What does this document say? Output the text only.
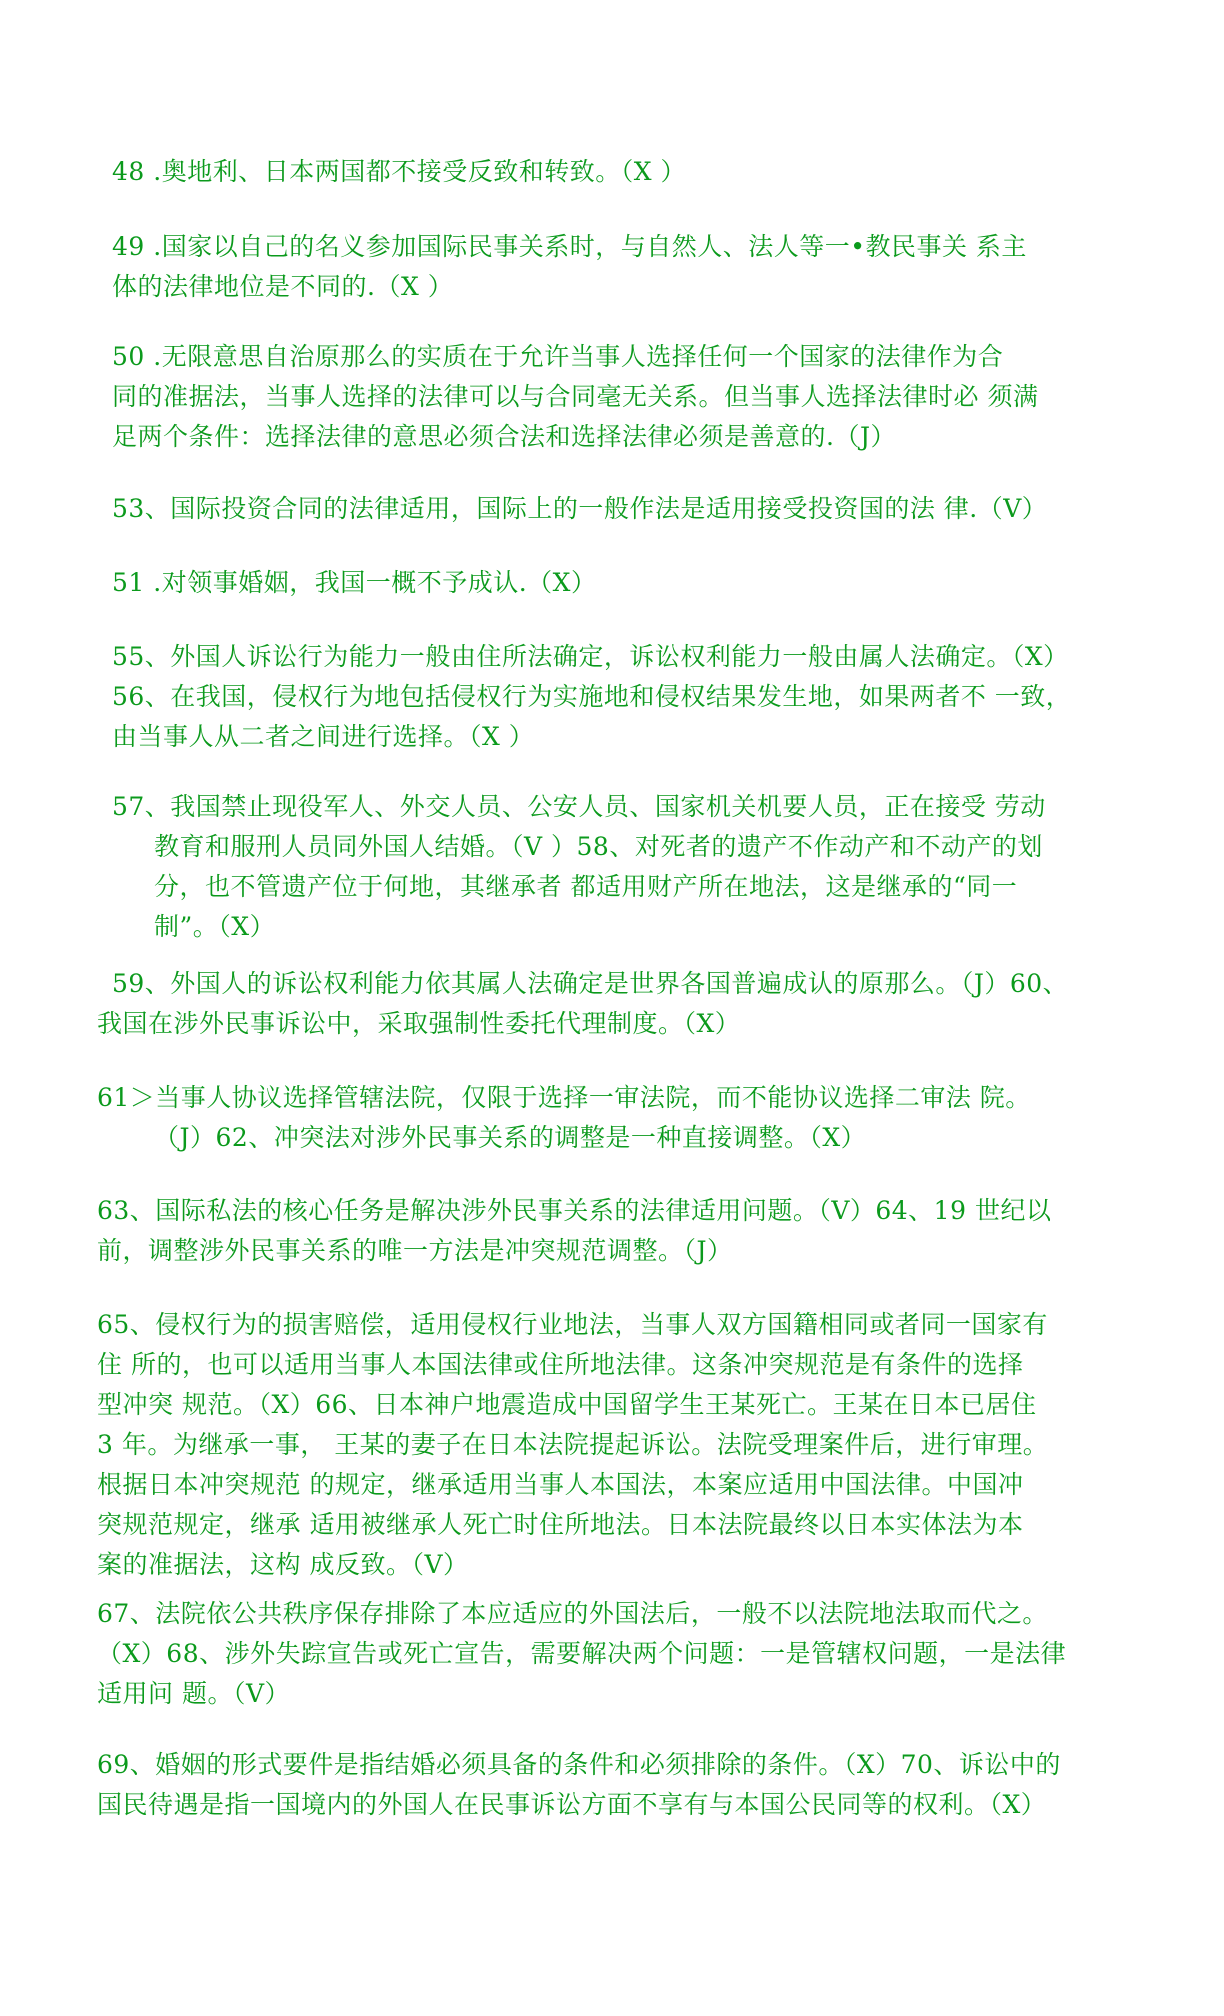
48 .奥地利、日本两国都不接受反致和转致。（X ）

49 .国家以自己的名义参加国际民事关系时，与自然人、法人等一•教民事关 系主
体的法律地位是不同的.（X ）

50 .无限意思自治原那么的实质在于允许当事人选择任何一个国家的法律作为合
同的准据法，当事人选择的法律可以与合同毫无关系。但当事人选择法律时必 须满
足两个条件：选择法律的意思必须合法和选择法律必须是善意的.（J）

53、国际投资合同的法律适用，国际上的一般作法是适用接受投资国的法 律.（V）

51 .对领事婚姻，我国一概不予成认.（X）

55、外国人诉讼行为能力一般由住所法确定，诉讼权利能力一般由属人法确定。（X）
56、在我国，侵权行为地包括侵权行为实施地和侵权结果发生地，如果两者不 一致，
由当事人从二者之间进行选择。（X ）

57、我国禁止现役军人、外交人员、公安人员、国家机关机要人员，正在接受 劳动
教育和服刑人员同外国人结婚。（V ）58、对死者的遗产不作动产和不动产的划
分，也不管遗产位于何地，其继承者 都适用财产所在地法，这是继承的“同一
制”。（X）

59、外国人的诉讼权利能力依其属人法确定是世界各国普遍成认的原那么。（J）60、
我国在涉外民事诉讼中，采取强制性委托代理制度。（X）

61＞当事人协议选择管辖法院，仅限于选择一审法院，而不能协议选择二审法 院。
（J）62、冲突法对涉外民事关系的调整是一种直接调整。（X）

63、国际私法的核心任务是解决涉外民事关系的法律适用问题。（V）64、19 世纪以
前，调整涉外民事关系的唯一方法是冲突规范调整。（J）

65、侵权行为的损害赔偿，适用侵权行业地法，当事人双方国籍相同或者同一国家有
住 所的，也可以适用当事人本国法律或住所地法律。这条冲突规范是有条件的选择
型冲突 规范。（X）66、日本神户地震造成中国留学生王某死亡。王某在日本已居住
3 年。为继承一事， 王某的妻子在日本法院提起诉讼。法院受理案件后，进行审理。
根据日本冲突规范 的规定，继承适用当事人本国法，本案应适用中国法律。中国冲
突规范规定，继承 适用被继承人死亡时住所地法。日本法院最终以日本实体法为本
案的准据法，这构 成反致。（V）

67、法院依公共秩序保存排除了本应适应的外国法后，一般不以法院地法取而代之。
（X）68、涉外失踪宣告或死亡宣告，需要解决两个问题：一是管辖权问题，一是法律
适用问 题。（V）

69、婚姻的形式要件是指结婚必须具备的条件和必须排除的条件。（X）70、诉讼中的
国民待遇是指一国境内的外国人在民事诉讼方面不享有与本国公民同等的权利。（X）
